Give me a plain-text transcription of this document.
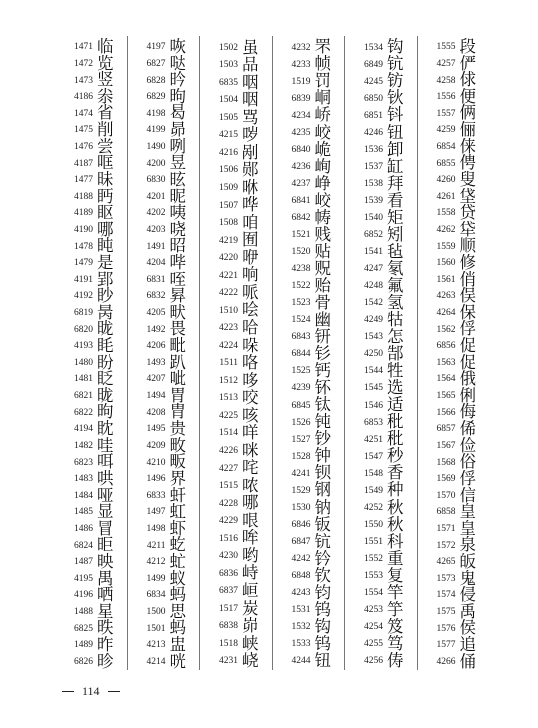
1471 临
1472 览
1473 竖
4186 尜
1474 省
1475 削
1476 尝
4187 哐
1477 昧
4188 眄
4189 眍
4190 哪
1478 盹
1479 是
4191 郢
4192 眇
6819 昺
6820 昽
4193 眊
1480 盼
1481 眨
6821 昽
6822 昫
4194 眈
1482 哇
6823 咡
1483 哄
1484 哑
1485 显
1486 冒
6824 昛
1487 映
4195 禺
4196 哂
1488 星
6825 昳
1489 昨
6826 昣
4197 咴
6827 哒
6828 昑
6829 昫
4198 曷
4199 昴
1490 咧
4200 昱
6830 昡
4201 昵
4202 咦
4203 哓
1491 昭
4204 哔
6831 咥
6832 昪
4205 畎
1492 畏
4206 毗
1493 趴
4207 呲
1494 胃
4208 胄
1495 贵
4209 畋
4210 畈
1496 界
6833 虷
1497 虹
1498 虾
4211 虼
4212 虻
1499 蚁
6834 蚂
1500 思
1501 蚂
4213 盅
4214 咣
1502 虽
1503 品
6835 咽
1504 咽
1505 骂
4215 哕
4216 剐
1506 郧
1509 咻
1507 哗
1508 咱
4219 囿
4220 咿
4221 响
4222 哌
1510 哙
4223 哈
4224 哚
1511 咯
1512 哆
1513 咬
4225 咳
1514 咩
4226 咪
4227 咤
1515 哝
4228 哪
4229 哏
1516 哞
4230 哟
6836 峙
6837 峘
1517 炭
6838 峁
1518 峡
4231 峣
4232 罘
4233 帧
1519 罚
6839 峒
4234 峤
4235 峧
6840 峗
4236 峋
4237 峥
6841 峧
6842 帱
1521 贱
1520 贴
4238 贶
1522 贻
1523 骨
1524 幽
6843 钘
6844 钐
1525 钙
4239 钚
6845 钛
1526 钝
1527 钞
1528 钟
4241 钡
1529 钢
1530 钠
6846 钣
6847 钪
4242 钤
6848 钦
4243 钧
1531 钨
1532 钩
1533 钨
4244 钮
1534 钩
6849 钪
4245 钫
6850 钬
6851 钭
4246 钮
1536 卸
1537 缸
1538 拜
1539 看
1540 矩
6852 矧
1541 毡
4247 氡
4248 氟
1542 氢
4249 牯
1543 怎
4250 郜
1544 牲
1545 选
1546 适
6853 秕
4251 秕
1547 秒
1548 香
1549 种
4252 秋
1550 秋
1551 科
1552 重
1553 复
1554 竿
4253 竽
4254 笈
4255 笃
4256 俦
1555 段
4257 俨
4258 俅
1556 便
1557 俩
4259 俪
6854 俫
6855 俜
4260 叟
4261 垡
1558 贷
4262 牮
1559 顺
1560 修
1561 俏
4263 俣
4264 保
1562 俘
6856 促
1563 促
1564 俄
1565 俐
1566 侮
6857 俙
1567 俭
1568 俗
1569 俘
1570 信
6858 皇
1571 皇
1572 泉
4265 皈
1573 鬼
1574 侵
1575 禹
1576 侯
1577 追
4266 俑
114
